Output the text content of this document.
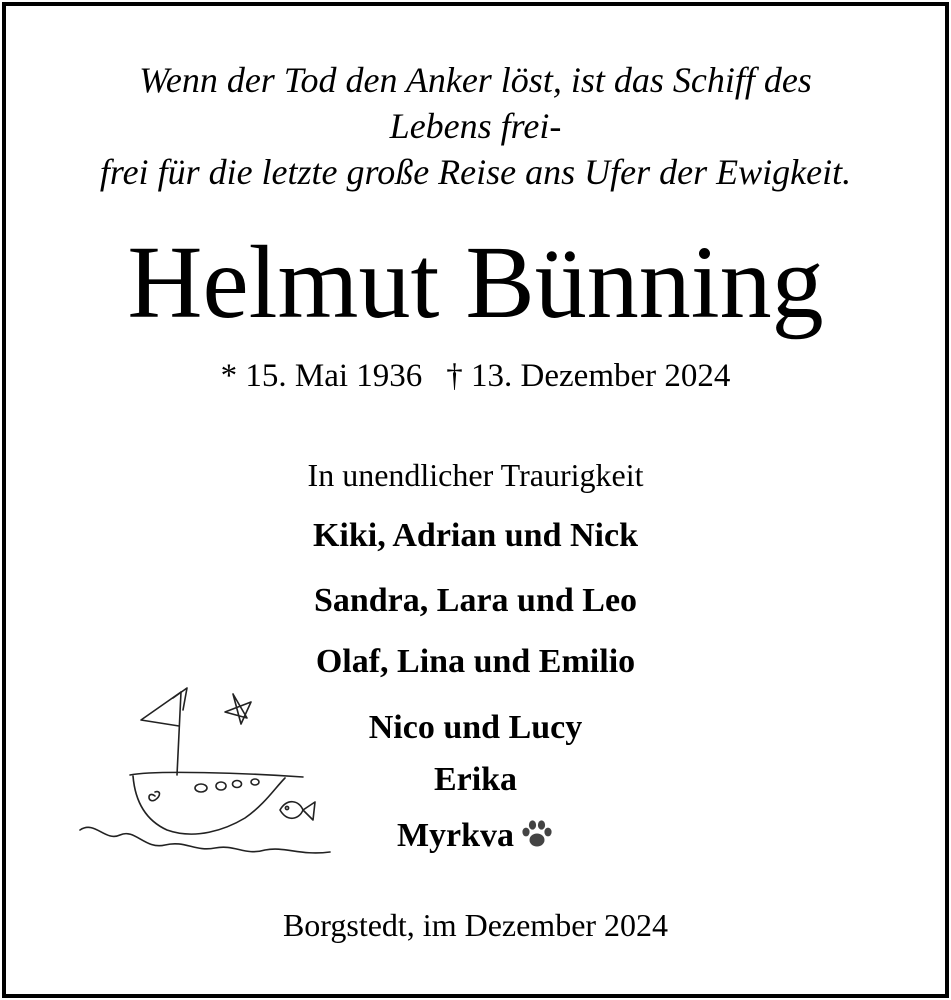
Wenn der Tod den Anker löst, ist das Schiff des
Lebens frei-
frei für die letzte große Reise ans Ufer der Ewigkeit.
Helmut Bünning
* 15. Mai 1936 † 13. Dezember 2024
In unendlicher Traurigkeit
Kiki, Adrian und Nick
Sandra, Lara und Leo
Olaf, Lina und Emilio
Nico und Lucy
Erika
Myrkva
Borgstedt, im Dezember 2024
